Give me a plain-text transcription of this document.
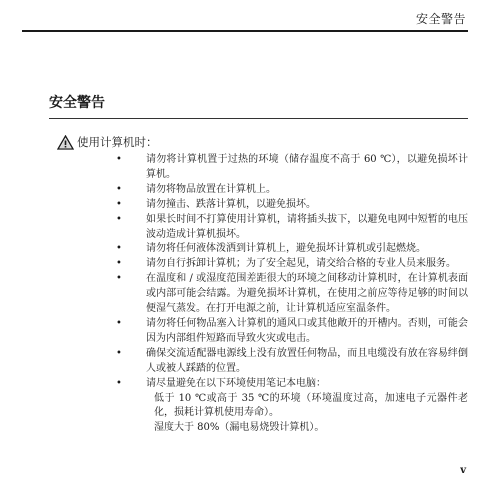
安全警告
安全警告
使用计算机时：
• 请勿将计算机置于过热的环境（储存温度不高于 60 ℃），以避免损坏计算机。
• 请勿将物品放置在计算机上。
• 请勿撞击、跌落计算机，以避免损坏。
• 如果长时间不打算使用计算机，请将插头拔下，以避免电网中短暂的电压波动造成计算机损坏。
• 请勿将任何液体泼洒到计算机上，避免损坏计算机或引起燃烧。
• 请勿自行拆卸计算机；为了安全起见，请交给合格的专业人员来服务。
• 在温度和 / 或湿度范围差距很大的环境之间移动计算机时，在计算机表面或内部可能会结露。为避免损坏计算机，在使用之前应等待足够的时间以便湿气蒸发。在打开电源之前，让计算机适应室温条件。
• 请勿将任何物品塞入计算机的通风口或其他敞开的开槽内。否则，可能会因为内部组件短路而导致火灾或电击。
• 确保交流适配器电源线上没有放置任何物品，而且电缆没有放在容易绊倒人或被人踩踏的位置。
• 请尽量避免在以下环境使用笔记本电脑：
低于 10 ℃或高于 35 ℃的环境（环境温度过高，加速电子元器件老化，损耗计算机使用寿命）。
湿度大于 80%（漏电易烧毁计算机）。
v
